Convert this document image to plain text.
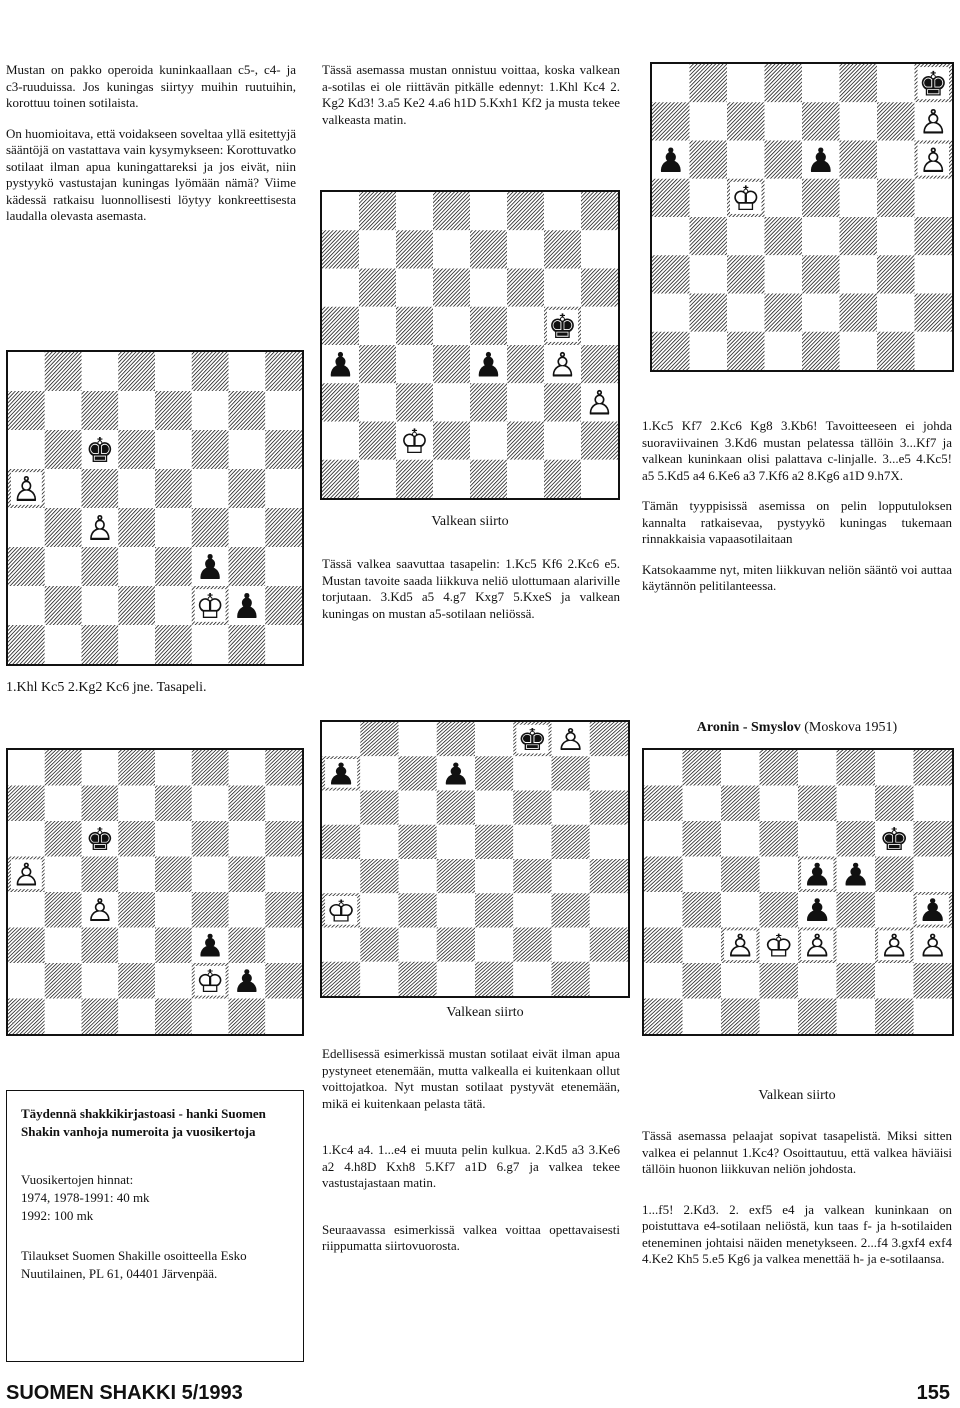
Mustan on pakko operoida kuninkaallaan c5-, c4- ja c3-ruuduissa. Jos kuningas siirtyy muihin ruutuihin, korottuu toinen sotilaista.

On huomioitava, että voidakseen soveltaa yllä esitettyjä sääntöjä on vastattava vain kysymykseen: Korottuvatko sotilaat ilman apua kuningattareksi ja jos eivät, niin pystyykö vastustajan kuningas lyömään nämä? Viime kädessä ratkaisu luonnollisesti löytyy konkreettisesta laudalla olevasta asemasta.

♚
♙
♙
♟
♔ ♟
1.Khl Kc5 2.Kg2 Kc6 jne. Tasapeli.

Tässä asemassa mustan onnistuu voittaa, koska valkean a-sotilas ei ole riittävän pitkälle edennyt: 1.Khl Kc4 2. Kg2 Kd3! 3.a5 Ke2 4.a6 h1D 5.Kxh1 Kf2 ja musta tekee valkeasta matin.

♚
♟ ♟ ♙
♙
♔
Valkean siirto

Tässä valkea saavuttaa tasapelin: 1.Kc5 Kf6 2.Kc6 e5. Mustan tavoite saada liikkuva neliö ulottumaan alariville torjutaan. 3.Kd5 a5 4.g7 Kxg7 5.KxeS ja valkean kuningas on mustan a5-sotilaan neliössä.

♚
♙
♟ ♟ ♙
♔

1.Kc5 Kf7 2.Kc6 Kg8 3.Kb6! Tavoitteeseen ei johda suoraviivainen 3.Kd6 mustan pelatessa tällöin 3...Kf7 ja valkean kuninkaan olisi palattava c-linjalle. 3...e5 4.Kc5! a5 5.Kd5 a4 6.Ke6 a3 7.Kf6 a2 8.Kg6 a1D 9.h7X.

Tämän tyyppisissä asemissa on pelin lopputuloksen kannalta ratkaisevaa, pystyykö kuningas tukemaan rinnakkaisia vapaasotilaitaan

Katsokaamme nyt, miten liikkuvan neliön sääntö voi auttaa käytännön pelitilanteessa.

Aronin - Smyslov (Moskova 1951)
♚
♙
♙
♟
♔ ♟
♚ ♙
♟ ♟
♔
Valkean siirto
♚
♟ ♟
♟ ♟
♙ ♙ ♙ ♙
♔
Täydennä shakkikirjastoasi - hanki Suomen Shakin vanhoja numeroita ja vuosikertoja
Vuosikertojen hinnat:
1974, 1978-1991: 40 mk
1992: 100 mk
Tilaukset Suomen Shakille osoitteella Esko Nuutilainen, PL 61, 04401 Järvenpää.

Edellisessä esimerkissä mustan sotilaat eivät ilman apua pystyneet etenemään, mutta valkealla ei kuitenkaan ollut voittojatkoa. Nyt mustan sotilaat pystyvät etenemään, mikä ei kuitenkaan pelasta tätä.

1.Kc4 a4. 1...e4 ei muuta pelin kulkua. 2.Kd5 a3 3.Ke6 a2 4.h8D Kxh8 5.Kf7 a1D 6.g7 ja valkea tekee vastustajastaan matin.

Seuraavassa esimerkissä valkea voittaa opettavaisesti riippumatta siirtovuorosta.

Valkean siirto

Tässä asemassa pelaajat sopivat tasapelistä. Miksi sitten valkea ei pelannut 1.Kc4? Osoittautuu, että valkea häviäisi tällöin huonon liikkuvan neliön johdosta.

1...f5! 2.Kd3. 2. exf5 e4 ja valkean kuninkaan on poistuttava e4-sotilaan neliöstä, kun taas f- ja h-sotilaiden eteneminen johtaisi näiden menetykseen. 2...f4 3.gxf4 exf4 4.Ke2 Kh5 5.e5 Kg6 ja valkea menettää h- ja e-sotilaansa.

SUOMEN SHAKKI 5/1993	155
